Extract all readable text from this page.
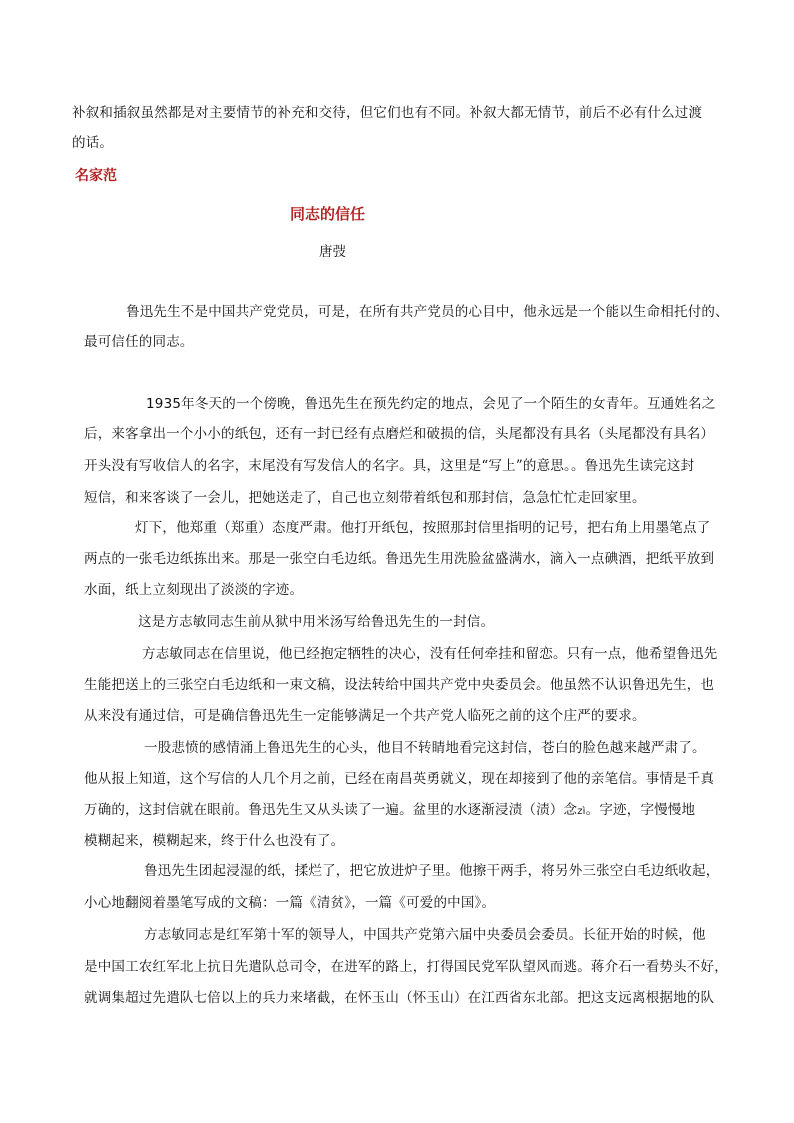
补叙和插叙虽然都是对主要情节的补充和交待，但它们也有不同。补叙大都无情节，前后不必有什么过渡
的话。
名家范
同志的信任
唐弢
鲁迅先生不是中国共产党党员，可是，在所有共产党员的心目中，他永远是一个能以生命相托付的、
最可信任的同志。
1935年冬天的一个傍晚，鲁迅先生在预先约定的地点，会见了一个陌生的女青年。互通姓名之
后，来客拿出一个小小的纸包，还有一封已经有点磨烂和破损的信，头尾都没有具名（头尾都没有具名）
开头没有写收信人的名字，末尾没有写发信人的名字。具，这里是“写上”的意思。。鲁迅先生读完这封
短信，和来客谈了一会儿，把她送走了，自己也立刻带着纸包和那封信，急急忙忙走回家里。
灯下，他郑重（郑重）态度严肃。他打开纸包，按照那封信里指明的记号，把右角上用墨笔点了
两点的一张毛边纸拣出来。那是一张空白毛边纸。鲁迅先生用洗脸盆盛满水，滴入一点碘酒，把纸平放到
水面，纸上立刻现出了淡淡的字迹。
这是方志敏同志生前从狱中用米汤写给鲁迅先生的一封信。
方志敏同志在信里说，他已经抱定牺牲的决心，没有任何牵挂和留恋。只有一点，他希望鲁迅先
生能把送上的三张空白毛边纸和一束文稿，设法转给中国共产党中央委员会。他虽然不认识鲁迅先生，也
从来没有通过信，可是确信鲁迅先生一定能够满足一个共产党人临死之前的这个庄严的要求。
一股悲愤的感情涌上鲁迅先生的心头，他目不转睛地看完这封信，苍白的脸色越来越严肃了。
他从报上知道，这个写信的人几个月之前，已经在南昌英勇就义，现在却接到了他的亲笔信。事情是千真
万确的，这封信就在眼前。鲁迅先生又从头读了一遍。盆里的水逐渐浸渍（渍）念zì。字迹，字慢慢地
模糊起来，模糊起来，终于什么也没有了。
鲁迅先生团起浸湿的纸，揉烂了，把它放进炉子里。他擦干两手，将另外三张空白毛边纸收起，
小心地翻阅着墨笔写成的文稿：一篇《清贫》，一篇《可爱的中国》。
方志敏同志是红军第十军的领导人，中国共产党第六届中央委员会委员。长征开始的时候，他
是中国工农红军北上抗日先遣队总司令，在进军的路上，打得国民党军队望风而逃。蒋介石一看势头不好，
就调集超过先遣队七倍以上的兵力来堵截，在怀玉山（怀玉山）在江西省东北部。把这支远离根据地的队
